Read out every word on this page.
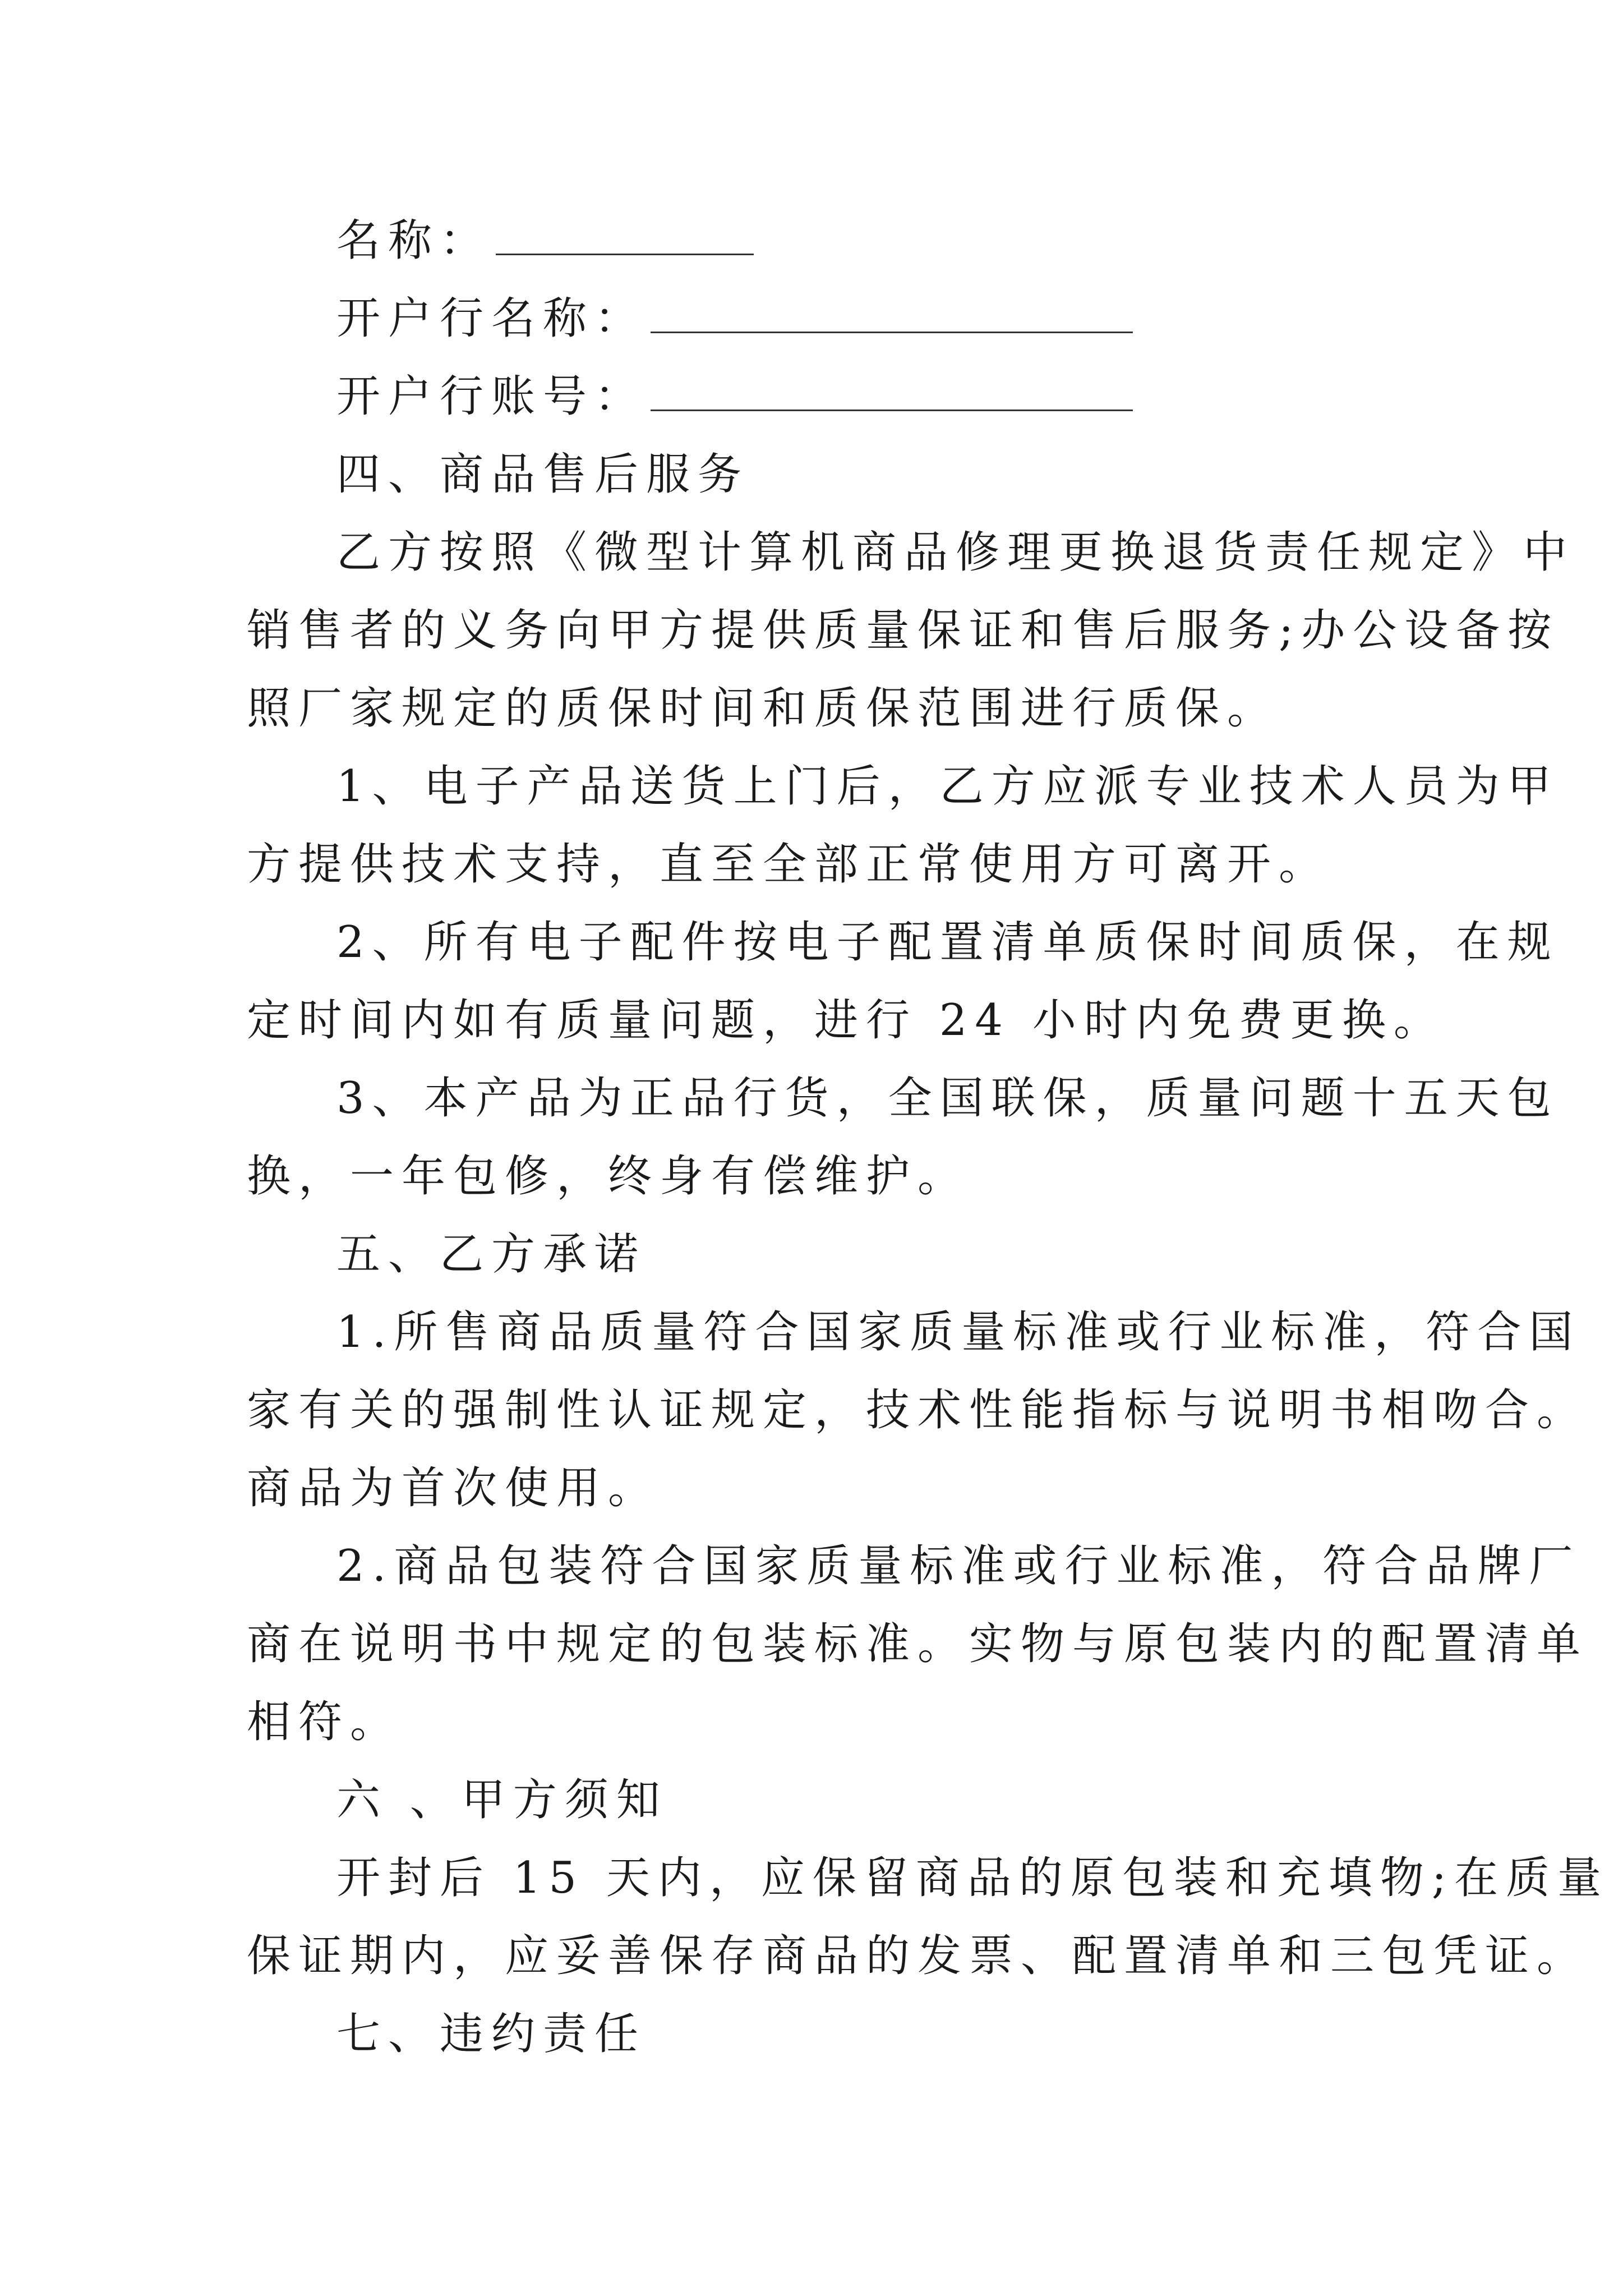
名称：
开户行名称：
开户行账号：
四、商品售后服务
乙方按照《微型计算机商品修理更换退货责任规定》中
销售者的义务向甲方提供质量保证和售后服务;办公设备按
照厂家规定的质保时间和质保范围进行质保。
1、电子产品送货上门后，乙方应派专业技术人员为甲
方提供技术支持，直至全部正常使用方可离开。
2、所有电子配件按电子配置清单质保时间质保，在规
定时间内如有质量问题，进行 24 小时内免费更换。
3、本产品为正品行货，全国联保，质量问题十五天包
换，一年包修，终身有偿维护。
五、乙方承诺
1.所售商品质量符合国家质量标准或行业标准，符合国
家有关的强制性认证规定，技术性能指标与说明书相吻合。
商品为首次使用。
2.商品包装符合国家质量标准或行业标准，符合品牌厂
商在说明书中规定的包装标准。实物与原包装内的配置清单
相符。
六 、甲方须知
开封后 15 天内，应保留商品的原包装和充填物;在质量
保证期内，应妥善保存商品的发票、配置清单和三包凭证。
七、违约责任
